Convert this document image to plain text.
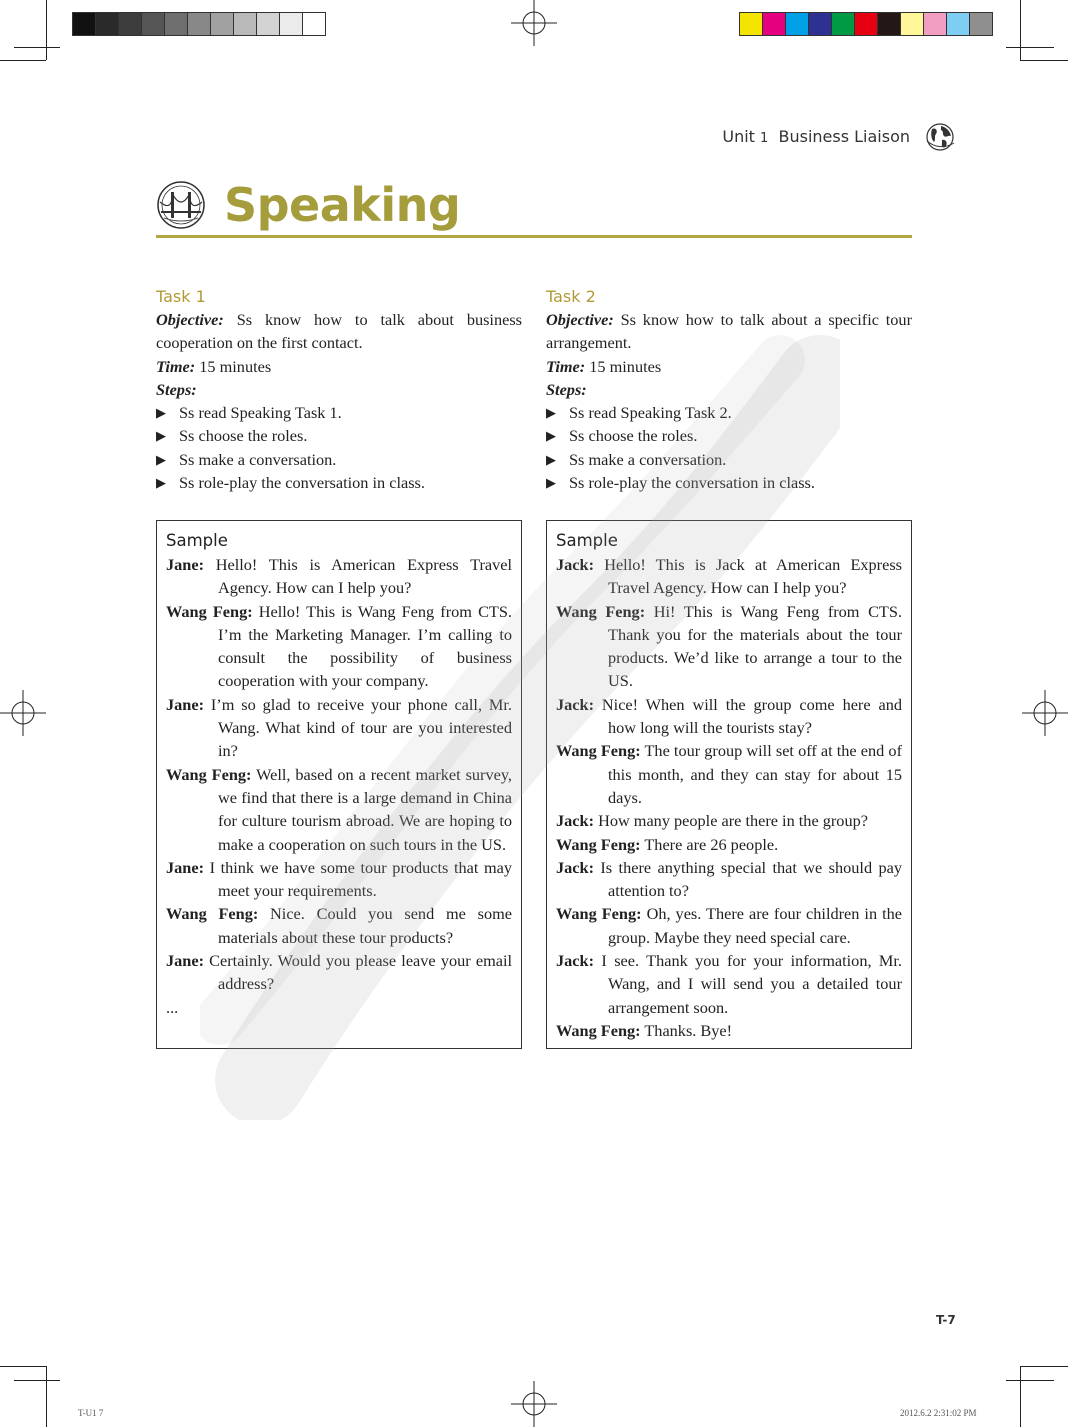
Unit 1 Business Liaison
Speaking
Task 1
Objective: Ss know how to talk about business cooperation on the first contact.
Time: 15 minutes
Steps:
▶ Ss read Speaking Task 1.
▶ Ss choose the roles.
▶ Ss make a conversation.
▶ Ss role-play the conversation in class.
Task 2
Objective: Ss know how to talk about a specific tour arrangement.
Time: 15 minutes
Steps:
▶ Ss read Speaking Task 2.
▶ Ss choose the roles.
▶ Ss make a conversation.
▶ Ss role-play the conversation in class.
Sample
Jane: Hello! This is American Express Travel Agency. How can I help you?
Wang Feng: Hello! This is Wang Feng from CTS. I’m the Marketing Manager. I’m calling to consult the possibility of business cooperation with your company.
Jane: I’m so glad to receive your phone call, Mr. Wang. What kind of tour are you interested in?
Wang Feng: Well, based on a recent market survey, we find that there is a large demand in China for culture tourism abroad. We are hoping to make a cooperation on such tours in the US.
Jane: I think we have some tour products that may meet your requirements.
Wang Feng: Nice. Could you send me some materials about these tour products?
Jane: Certainly. Would you please leave your email address?
...
Sample
Jack: Hello! This is Jack at American Express Travel Agency. How can I help you?
Wang Feng: Hi! This is Wang Feng from CTS. Thank you for the materials about the tour products. We’d like to arrange a tour to the US.
Jack: Nice! When will the group come here and how long will the tourists stay?
Wang Feng: The tour group will set off at the end of this month, and they can stay for about 15 days.
Jack: How many people are there in the group?
Wang Feng: There are 26 people.
Jack: Is there anything special that we should pay attention to?
Wang Feng: Oh, yes. There are four children in the group. Maybe they need special care.
Jack: I see. Thank you for your information, Mr. Wang, and I will send you a detailed tour arrangement soon.
Wang Feng: Thanks. Bye!
T-7
T-U1 7	2012.6.2 2:31:02 PM
